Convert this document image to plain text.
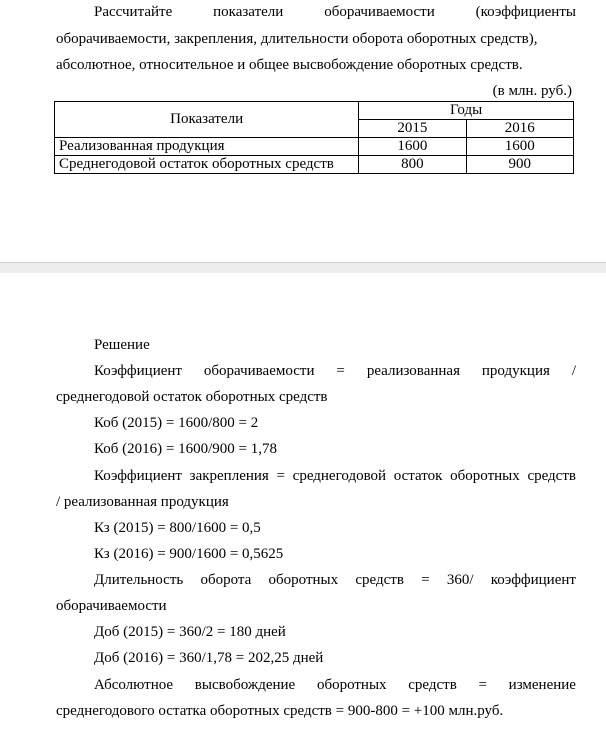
Рассчитайте	показатели	оборачиваемости	(коэффициенты
оборачиваемости, закрепления, длительности оборота оборотных средств),
абсолютное, относительное и общее высвобождение оборотных средств.
(в млн. руб.)
Показатели	Годы	
	2015	2016
Реализованная продукция	1600	1600
Среднегодовой остаток оборотных средств	800	900
Решение
Коэффициент оборачиваемости = реализованная продукция /
среднегодовой остаток оборотных средств
Коб (2015) = 1600/800 = 2
Коб (2016) = 1600/900 = 1,78
Коэффициент закрепления = среднегодовой остаток оборотных средств
/ реализованная продукция
Кз (2015) = 800/1600 = 0,5
Кз (2016) = 900/1600 = 0,5625
Длительность оборота оборотных средств = 360/ коэффициент
оборачиваемости
Доб (2015) = 360/2 = 180 дней
Доб (2016) = 360/1,78 = 202,25 дней
Абсолютное высвобождение оборотных средств = изменение
среднегодового остатка оборотных средств = 900-800 = +100 млн.руб.
